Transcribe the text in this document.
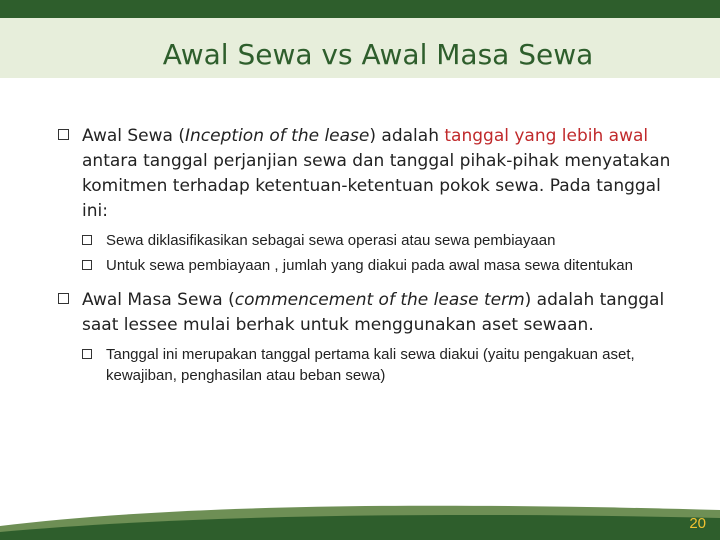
Awal Sewa vs Awal Masa Sewa
Awal Sewa (Inception of the lease) adalah tanggal yang lebih awal antara tanggal perjanjian sewa dan tanggal pihak-pihak menyatakan komitmen terhadap ketentuan-ketentuan pokok sewa. Pada tanggal ini:
Sewa diklasifikasikan sebagai sewa operasi atau sewa pembiayaan
Untuk sewa pembiayaan , jumlah yang diakui pada awal masa sewa ditentukan
Awal Masa Sewa (commencement of the lease term) adalah tanggal saat lessee mulai berhak untuk menggunakan aset sewaan.
Tanggal ini merupakan tanggal pertama kali sewa diakui (yaitu pengakuan aset, kewajiban, penghasilan atau beban sewa)
20
